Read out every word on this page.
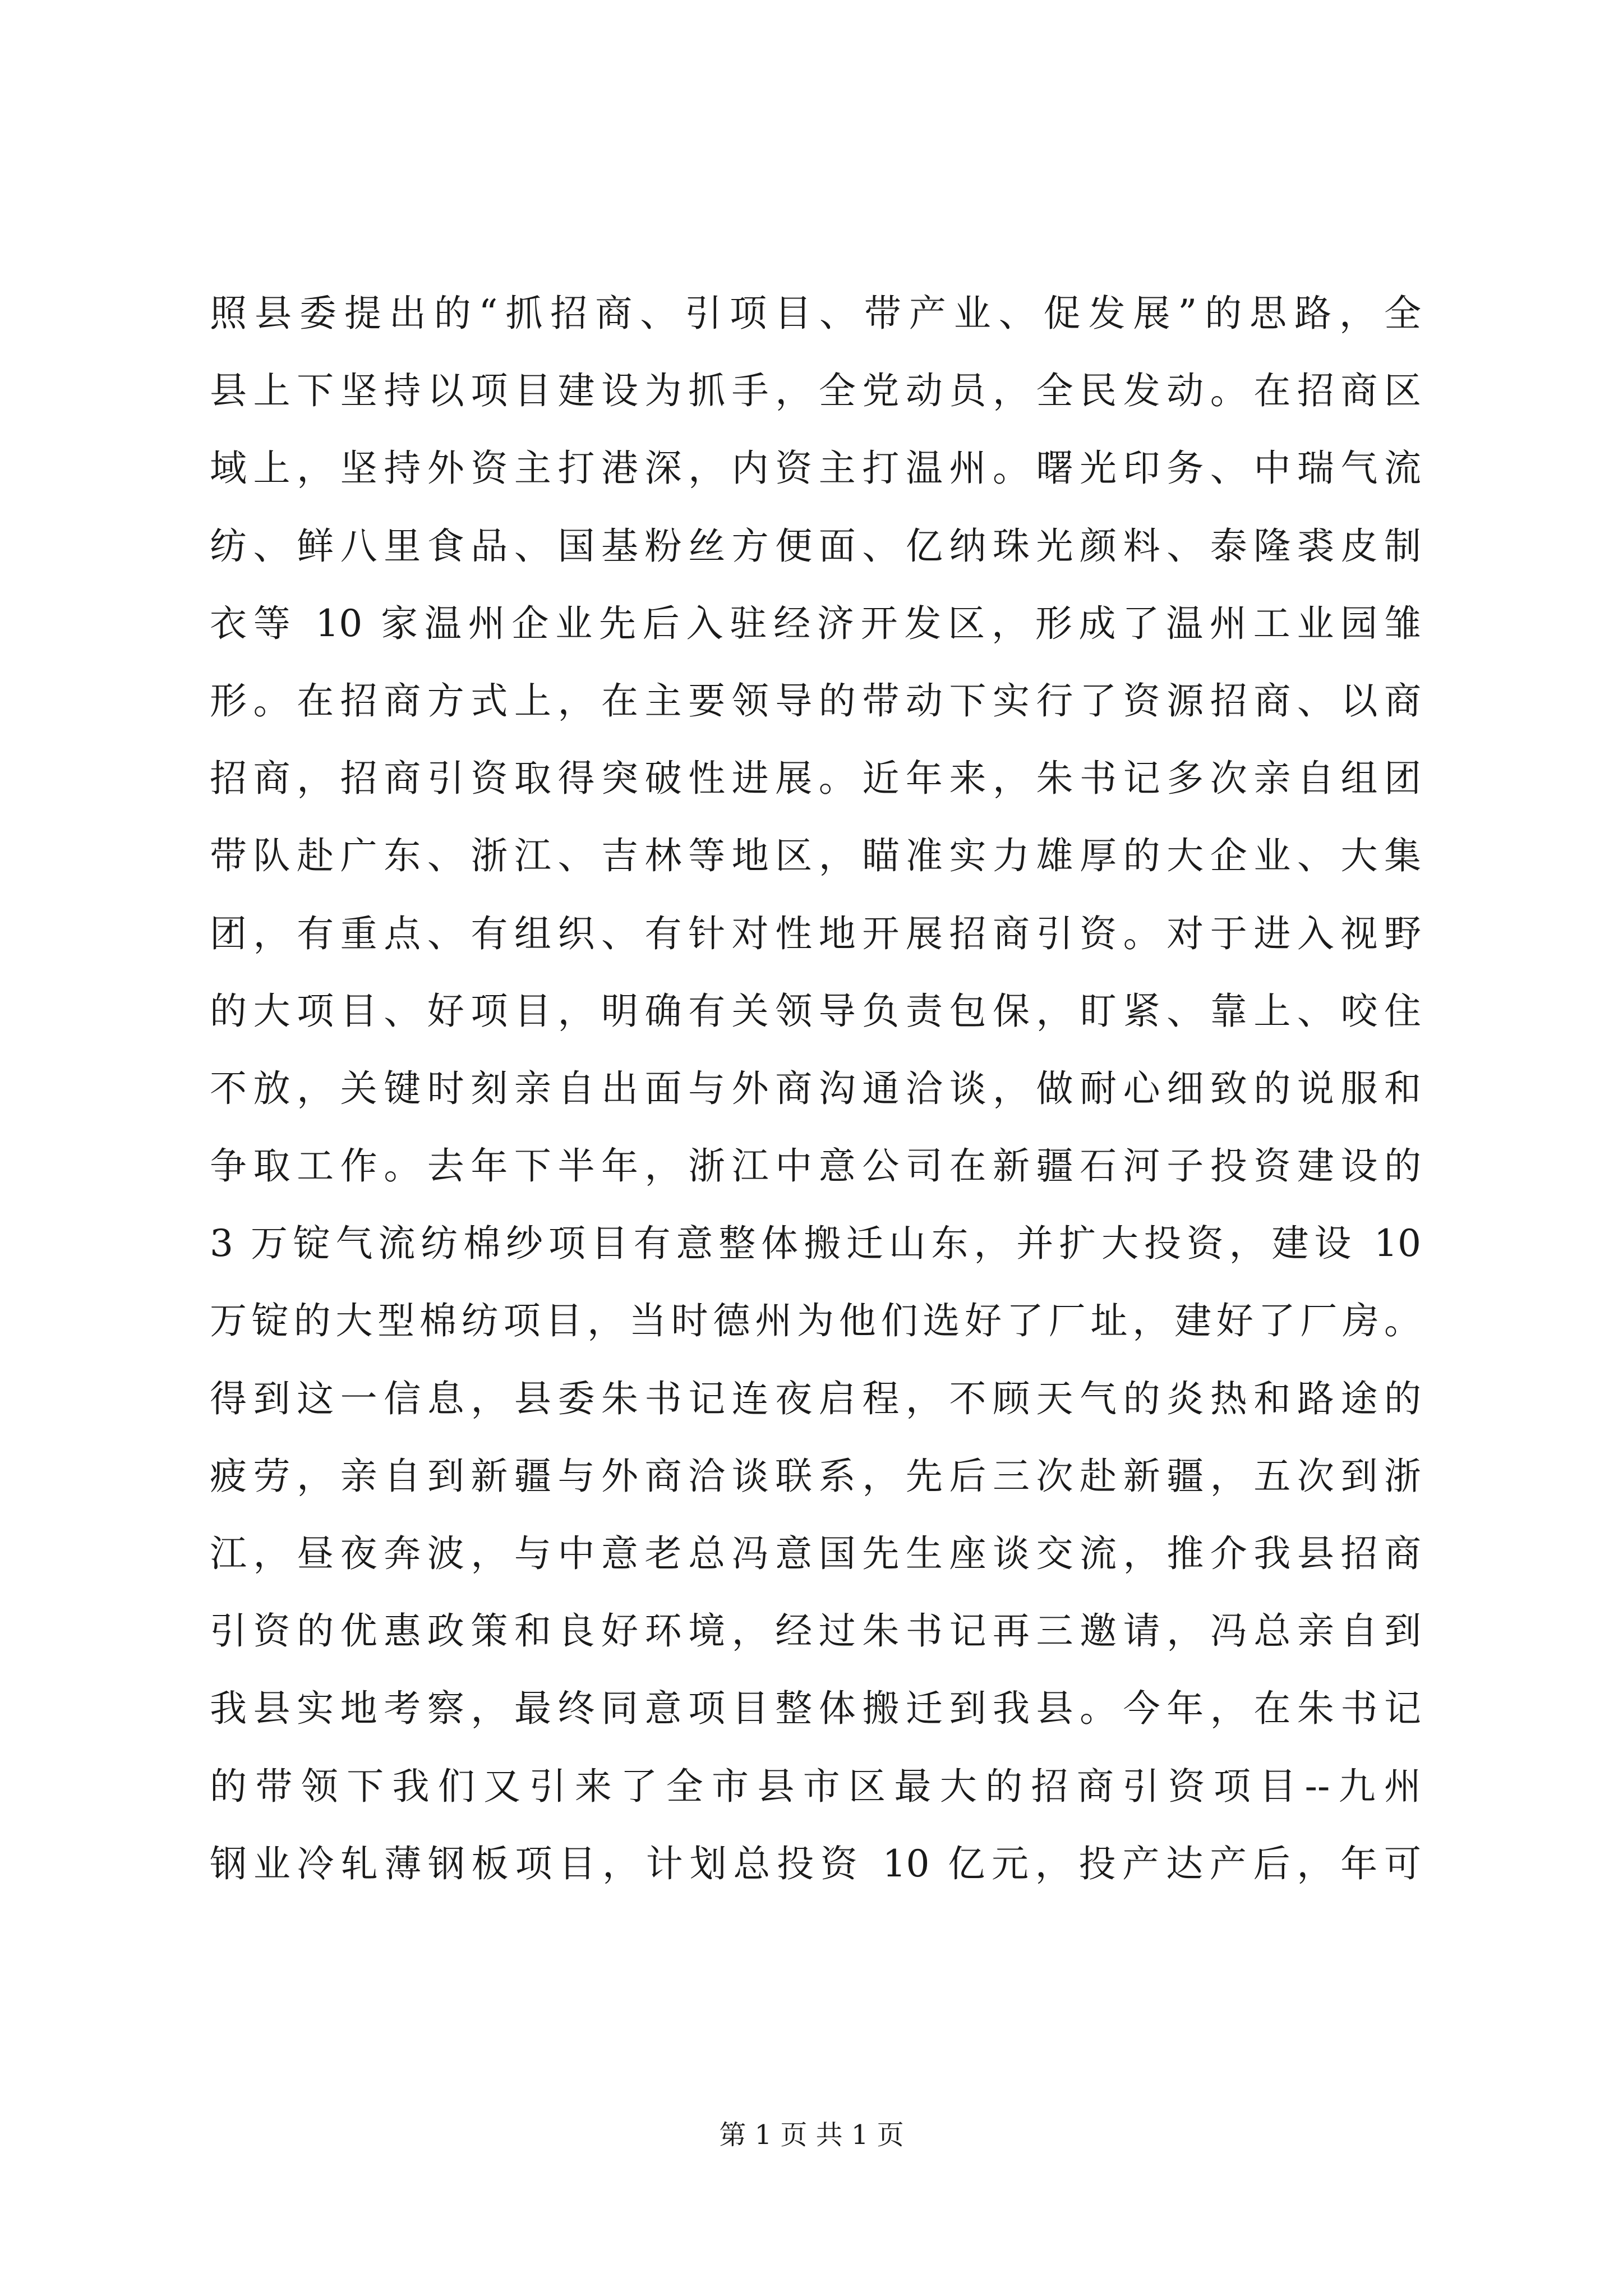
照县委提出的“抓招商、引项目、带产业、促发展”的思路，全
县上下坚持以项目建设为抓手，全党动员，全民发动。在招商区
域上，坚持外资主打港深，内资主打温州。曙光印务、中瑞气流
纺、鲜八里食品、国基粉丝方便面、亿纳珠光颜料、泰隆裘皮制
衣等 10 家温州企业先后入驻经济开发区，形成了温州工业园雏
形。在招商方式上，在主要领导的带动下实行了资源招商、以商
招商，招商引资取得突破性进展。近年来，朱书记多次亲自组团
带队赴广东、浙江、吉林等地区，瞄准实力雄厚的大企业、大集
团，有重点、有组织、有针对性地开展招商引资。对于进入视野
的大项目、好项目，明确有关领导负责包保，盯紧、靠上、咬住
不放，关键时刻亲自出面与外商沟通洽谈，做耐心细致的说服和
争取工作。去年下半年，浙江中意公司在新疆石河子投资建设的
3 万锭气流纺棉纱项目有意整体搬迁山东，并扩大投资，建设 10
万锭的大型棉纺项目，当时德州为他们选好了厂址，建好了厂房。
得到这一信息，县委朱书记连夜启程，不顾天气的炎热和路途的
疲劳，亲自到新疆与外商洽谈联系，先后三次赴新疆，五次到浙
江，昼夜奔波，与中意老总冯意国先生座谈交流，推介我县招商
引资的优惠政策和良好环境，经过朱书记再三邀请，冯总亲自到
我县实地考察，最终同意项目整体搬迁到我县。今年，在朱书记
的带领下我们又引来了全市县市区最大的招商引资项目--九州
钢业冷轧薄钢板项目，计划总投资 10 亿元，投产达产后，年可
第 1 页 共 1 页
